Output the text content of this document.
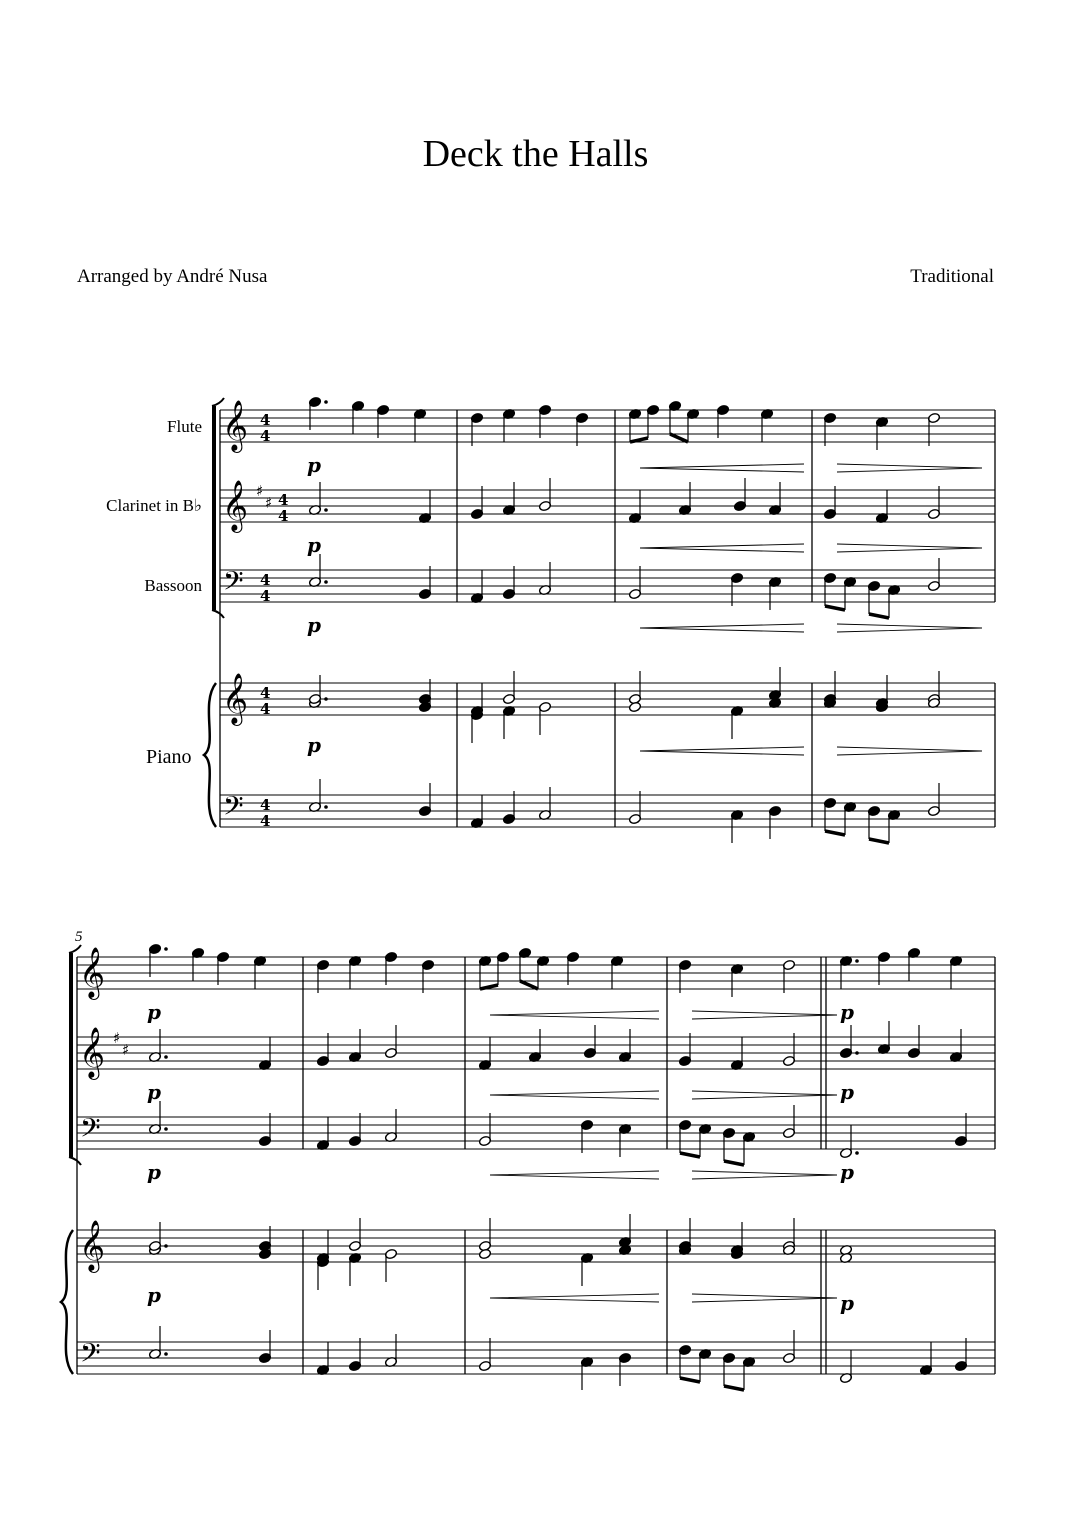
Deck the Halls
Arranged by André Nusa	Traditional
Flute
Clarinet in B♭
Bassoon
Piano
𝄞
𝄞
𝄢
𝄞
𝄢
♯
♯
4
4
4
4
4
4
4
4
4
4
p
p
p
p
𝄞
𝄞
𝄢
𝄞
𝄢
♯
♯
5
p
p
p
p
p
p
p
p
